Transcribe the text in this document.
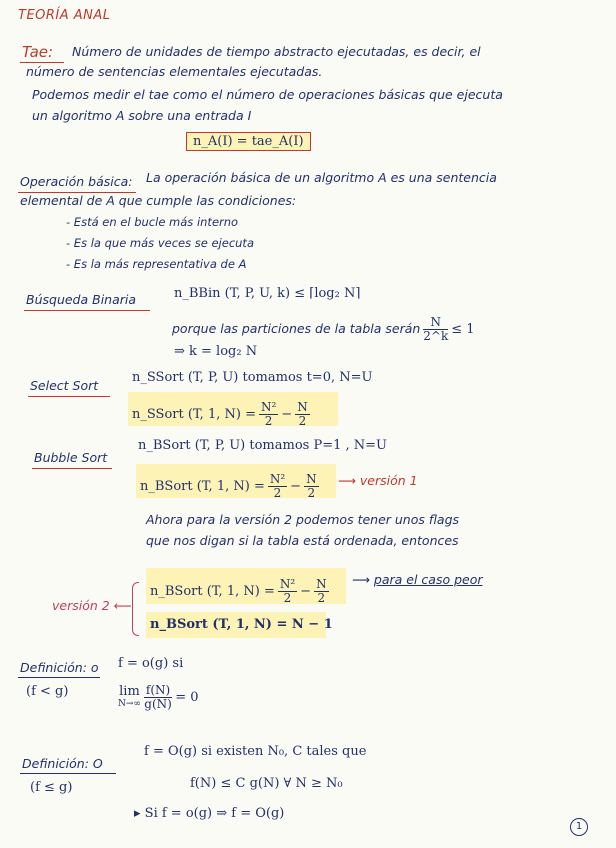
TEORÍA ANAL
Tae: Número de unidades de tiempo abstracto ejecutadas, es decir, el
número de sentencias elementales ejecutadas.
Podemos medir el tae como el número de operaciones básicas que ejecuta
un algoritmo A sobre una entrada I
n_A(I) = tae_A(I)
Operación básica: La operación básica de un algoritmo A es una sentencia
elemental de A que cumple las condiciones:
- Está en el bucle más interno
- Es la que más veces se ejecuta
- Es la más representativa de A
Búsqueda Binaria	n_BBin (T, P, U, k) ≤ ⌈log₂ N⌉
porque las particiones de la tabla serán $\frac{N}{2\^{}k} \le 1$
⇒ k = log₂ N
Select Sort
n_SSort (T, P, U) tomamos t=0, N=U
n_SSort (T, 1, $N) = \frac{\text{N²}}{2} - \frac{N}{2}$
Bubble Sort
n_BSort (T, P, U) tomamos P=1 , N=U
n_BSort (T, 1, $N) = \frac{\text{N²}}{2} - \frac{N}{2}$ ⟶ versión 1
Ahora para la versión 2 podemos tener unos flags
que nos digan si la tabla está ordenada, entonces
n_BSort (T, 1, $N) = \frac{\text{N²}}{2} - \frac{N}{2}$ ⟶ para el caso peor
versión 2 ⟵
n_BSort (T, 1, N) = N − 1
Definición: o
(f < g)
f = o(g) si
lim
$N\to\infty \frac{f(N)}{g(N)} = 0$
Definición: O
(f ≤ g)
f = O(g) si existen N₀, C tales que
f(N) ≤ C g(N) ∀ N ≥ N₀
▸ Si f = o(g) ⇒ f = O(g)
1
